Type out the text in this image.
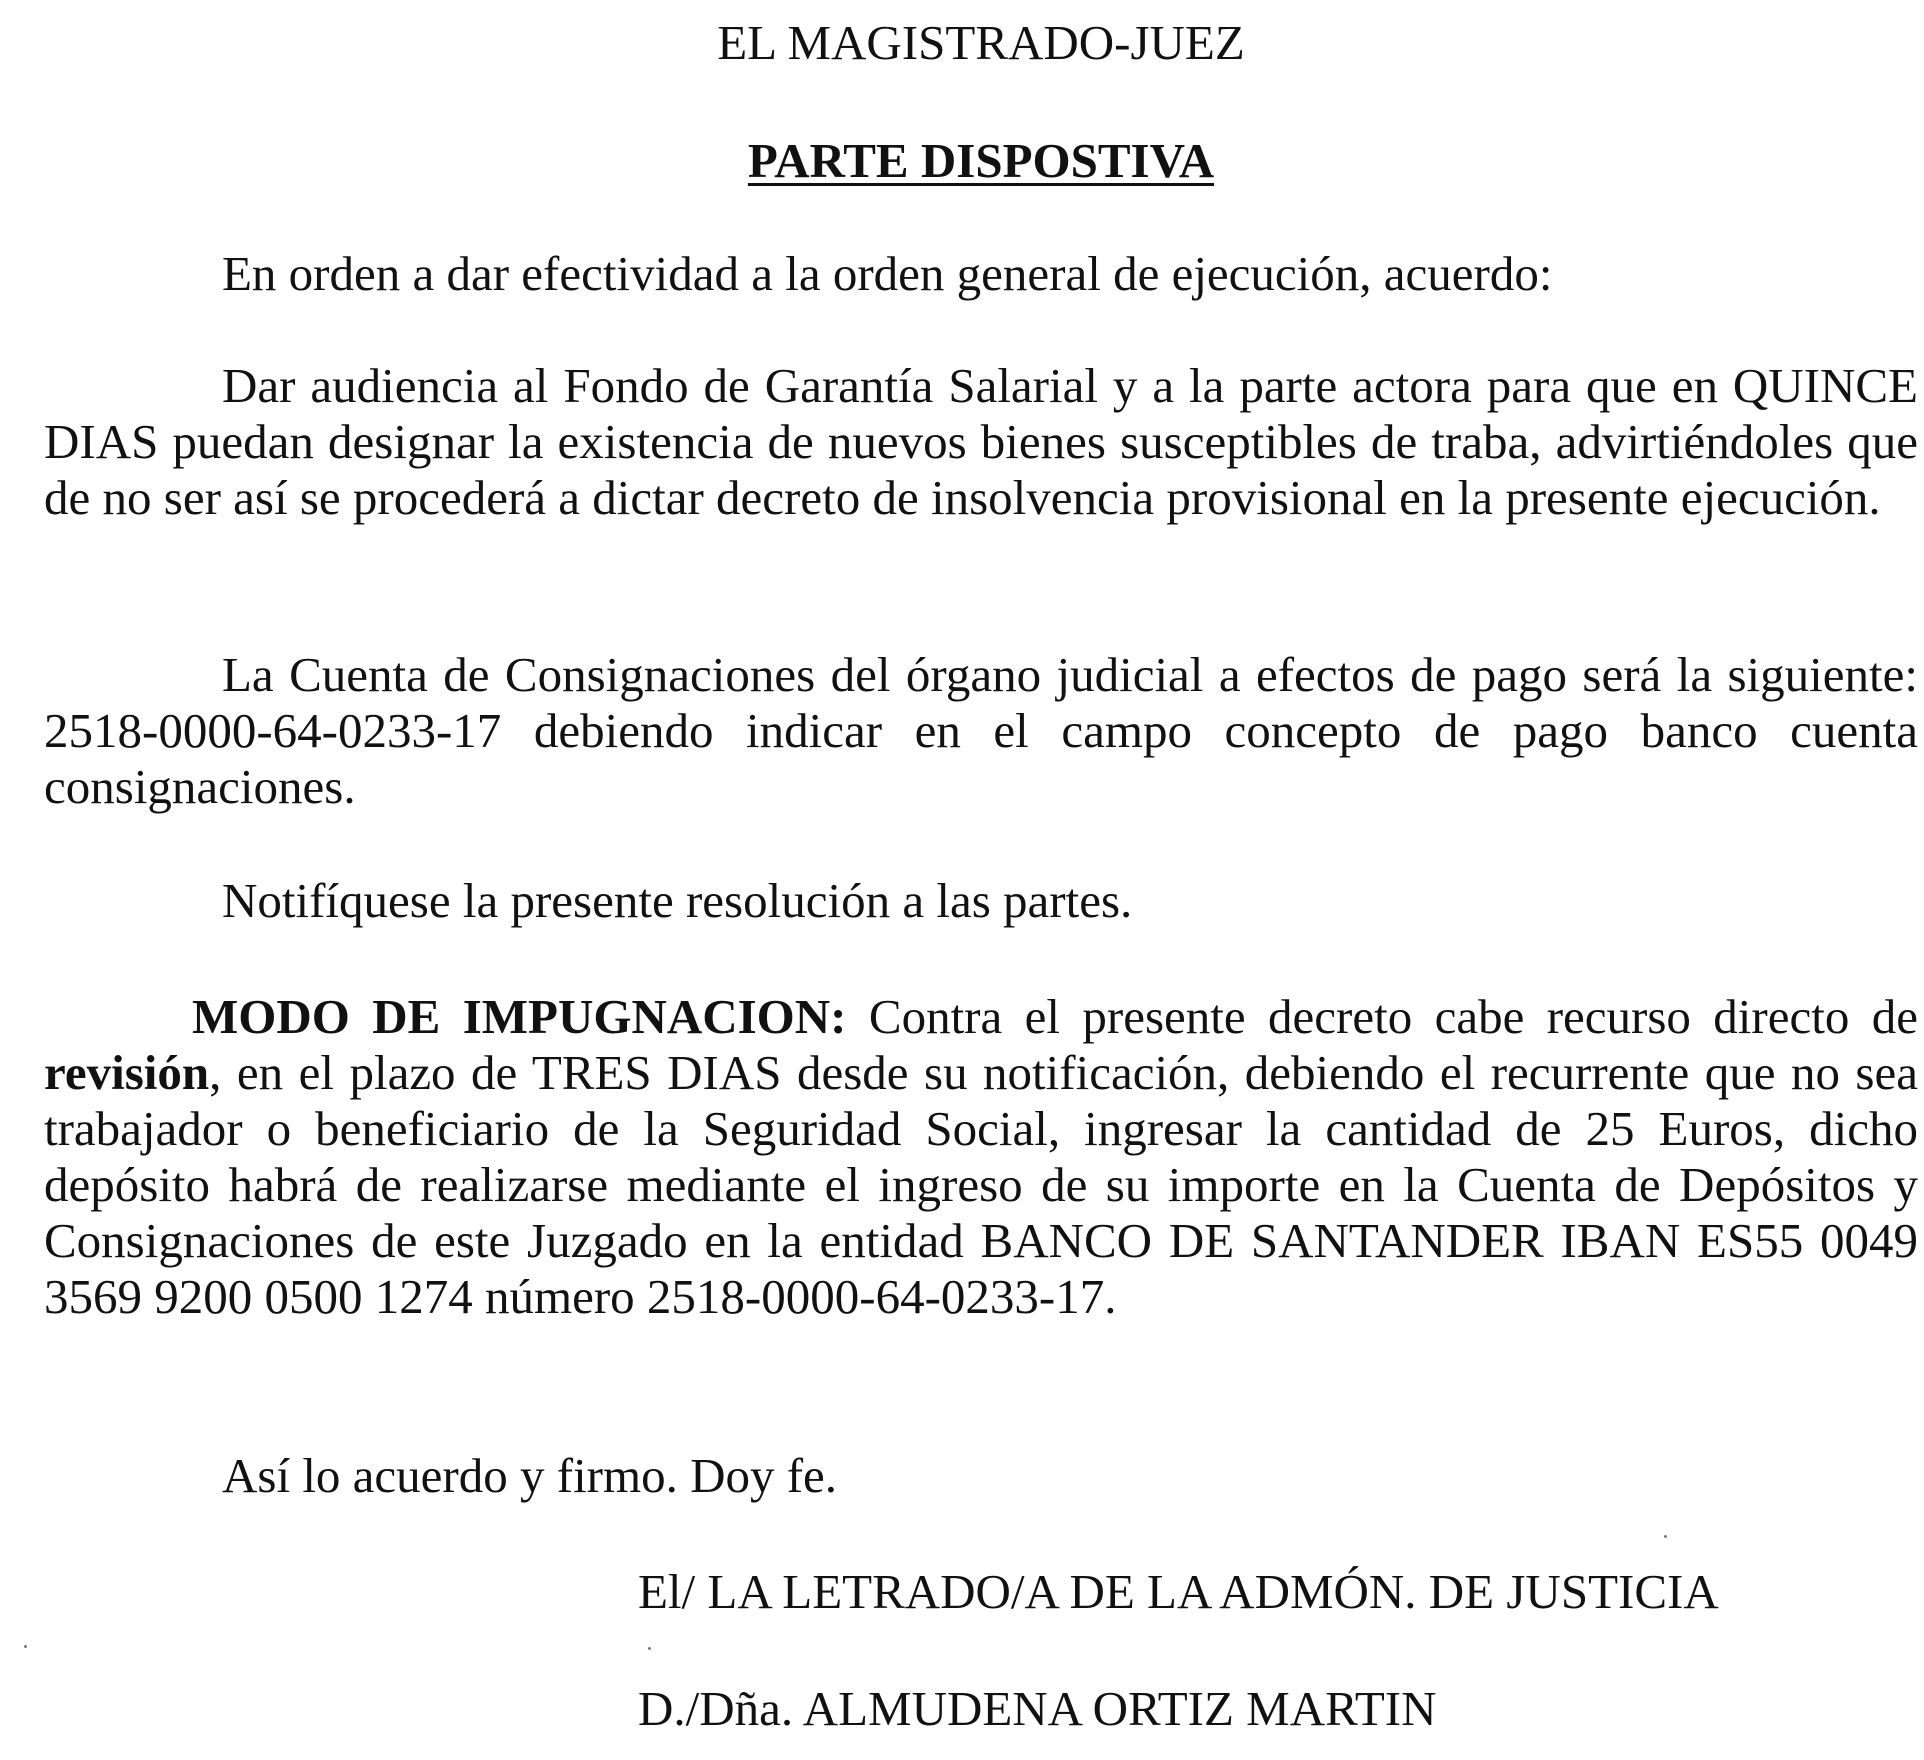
EL MAGISTRADO-JUEZ
PARTE DISPOSTIVA
En orden a dar efectividad a la orden general de ejecución, acuerdo:
Dar audiencia al Fondo de Garantía Salarial y a la parte actora para que en QUINCE DIAS puedan designar la existencia de nuevos bienes susceptibles de traba, advirtiéndoles que de no ser así se procederá a dictar decreto de insolvencia provisional en la presente ejecución.
La Cuenta de Consignaciones del órgano judicial a efectos de pago será la siguiente: 2518-0000-64-0233-17 debiendo indicar en el campo concepto de pago banco cuenta consignaciones.
Notifíquese la presente resolución a las partes.
MODO DE IMPUGNACION: Contra el presente decreto cabe recurso directo de revisión, en el plazo de TRES DIAS desde su notificación, debiendo el recurrente que no sea trabajador o beneficiario de la Seguridad Social, ingresar la cantidad de 25 Euros, dicho depósito habrá de realizarse mediante el ingreso de su importe en la Cuenta de Depósitos y Consignaciones de este Juzgado en la entidad BANCO DE SANTANDER IBAN ES55 0049 3569 9200 0500 1274 número 2518-0000-64-0233-17.
Así lo acuerdo y firmo. Doy fe.
El/ LA LETRADO/A DE LA ADMÓN. DE JUSTICIA
D./Dña. ALMUDENA ORTIZ MARTIN
